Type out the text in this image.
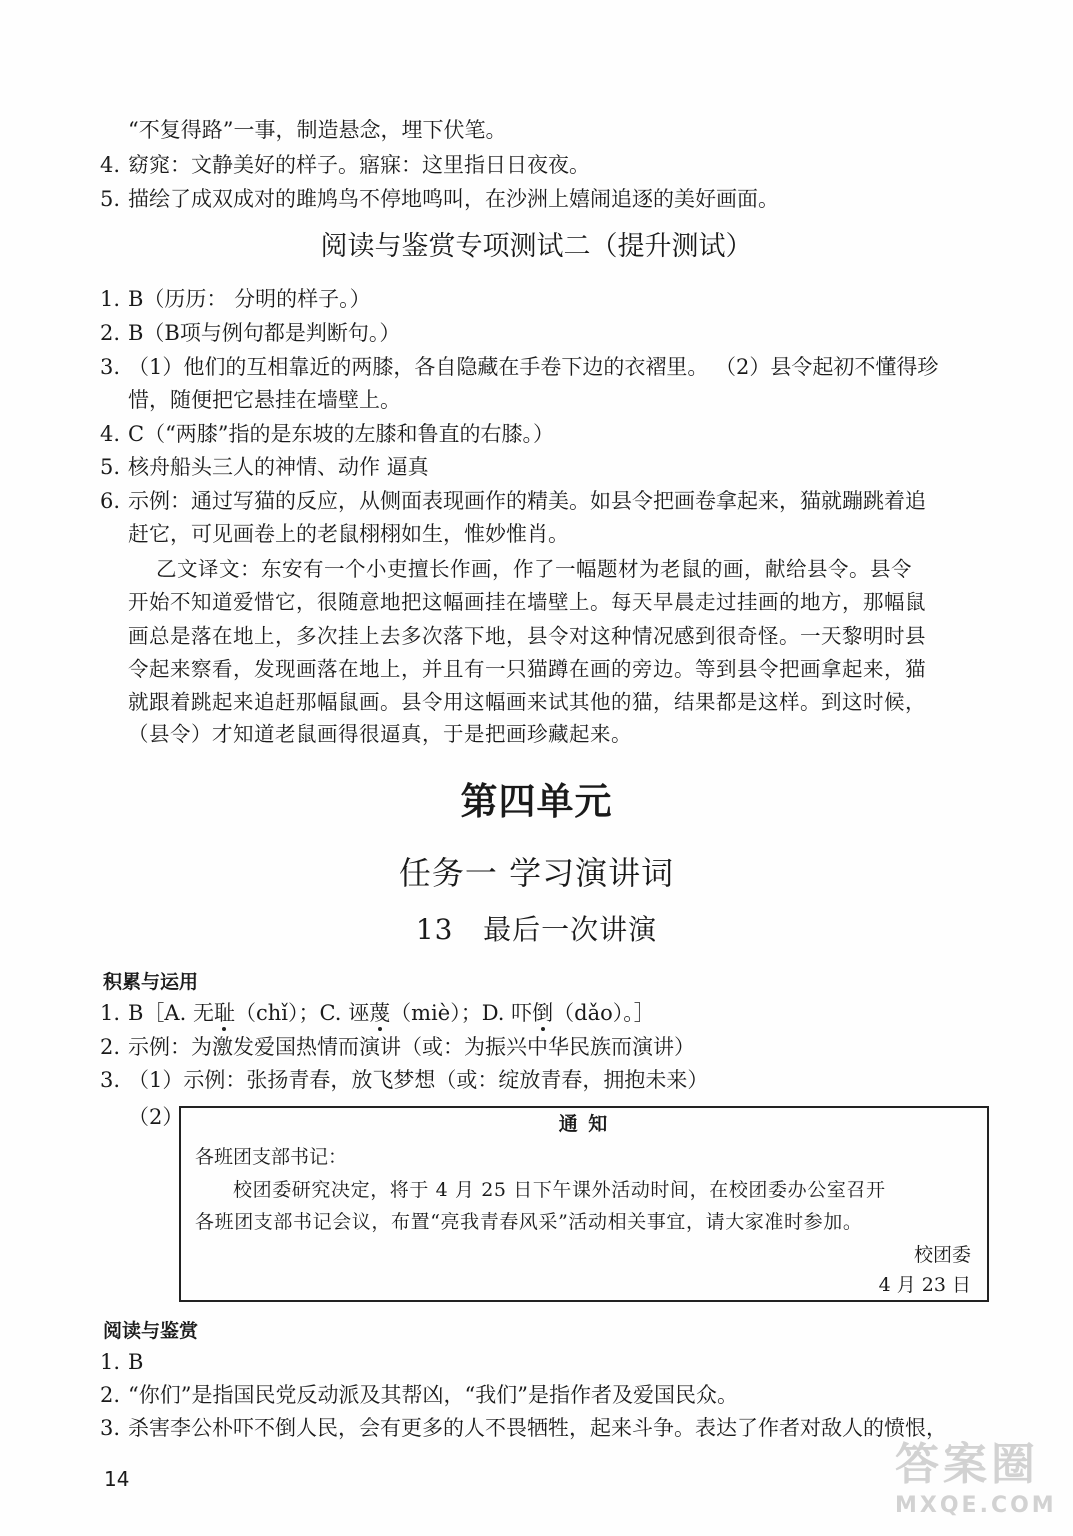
“不复得路”一事，制造悬念，埋下伏笔。
4. 窈窕：文静美好的样子。寤寐：这里指日日夜夜。
5. 描绘了成双成对的雎鸠鸟不停地鸣叫，在沙洲上嬉闹追逐的美好画面。
阅读与鉴赏专项测试二（提升测试）
1. B（历历： 分明的样子。）
2. B（B项与例句都是判断句。）
3. （1）他们的互相靠近的两膝，各自隐藏在手卷下边的衣褶里。 （2）县令起初不懂得珍
惜，随便把它悬挂在墙壁上。
4. C（“两膝”指的是东坡的左膝和鲁直的右膝。）
5. 核舟船头三人的神情、动作 逼真
6. 示例：通过写猫的反应，从侧面表现画作的精美。如县令把画卷拿起来，猫就蹦跳着追
赶它，可见画卷上的老鼠栩栩如生，惟妙惟肖。
乙文译文：东安有一个小吏擅长作画，作了一幅题材为老鼠的画，献给县令。县令
开始不知道爱惜它，很随意地把这幅画挂在墙壁上。每天早晨走过挂画的地方，那幅鼠
画总是落在地上，多次挂上去多次落下地，县令对这种情况感到很奇怪。一天黎明时县
令起来察看，发现画落在地上，并且有一只猫蹲在画的旁边。等到县令把画拿起来，猫
就跟着跳起来追赶那幅鼠画。县令用这幅画来试其他的猫，结果都是这样。到这时候，
（县令）才知道老鼠画得很逼真，于是把画珍藏起来。
第四单元
任务一 学习演讲词
13 最后一次讲演
积累与运用
1. B［A. 无耻（chǐ）；C. 诬蔑（miè）；D. 吓倒（dǎo）。］
2. 示例：为激发爱国热情而演讲（或：为振兴中华民族而演讲）
3. （1）示例：张扬青春，放飞梦想（或：绽放青春，拥抱未来）
（2）	通 知
各班团支部书记：
校团委研究决定，将于 4 月 25 日下午课外活动时间，在校团委办公室召开
各班团支部书记会议，布置“亮我青春风采”活动相关事宜，请大家准时参加。
校团委
4 月 23 日
阅读与鉴赏
1. B
2. “你们”是指国民党反动派及其帮凶，“我们”是指作者及爱国民众。
3. 杀害李公朴吓不倒人民，会有更多的人不畏牺牲，起来斗争。表达了作者对敌人的愤恨，
14	答案圈
MXQE.COM
